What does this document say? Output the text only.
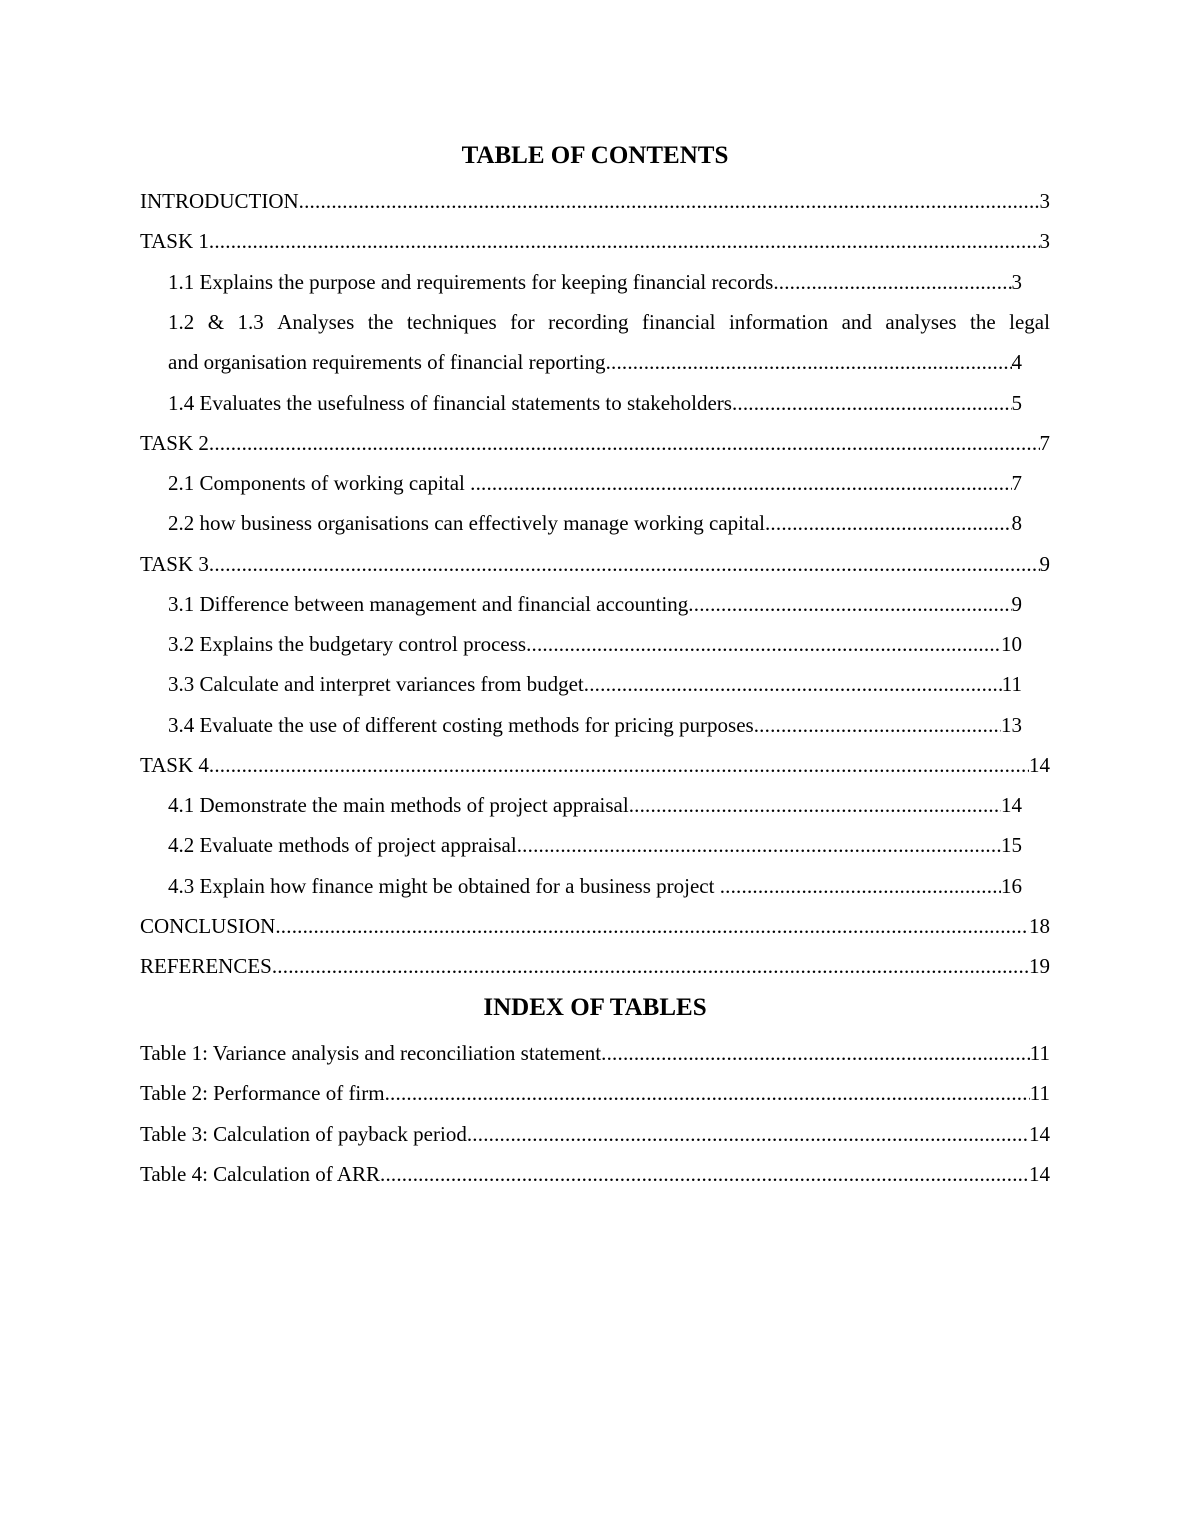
TABLE OF CONTENTS
INTRODUCTION .....	3
TASK 1 .....	3
1.1 Explains the purpose and requirements for keeping financial records .....	3
1.2 & 1.3 Analyses the techniques for recording financial information and analyses the legal
and organisation requirements of financial reporting .....	4
1.4 Evaluates the usefulness of financial statements to stakeholders .....	5
TASK 2 .....	7
2.1 Components of working capital .....	7
2.2 how business organisations can effectively manage working capital .....	8
TASK 3 .....	9
3.1 Difference between management and financial accounting .....	9
3.2 Explains the budgetary control process .....	10
3.3 Calculate and interpret variances from budget .....	11
3.4 Evaluate the use of different costing methods for pricing purposes .....	13
TASK 4 .....	14
4.1 Demonstrate the main methods of project appraisal .....	14
4.2 Evaluate methods of project appraisal .....	15
4.3 Explain how finance might be obtained for a business project .....	16
CONCLUSION .....	18
REFERENCES .....	19
INDEX OF TABLES
Table 1: Variance analysis and reconciliation statement .....	11
Table 2: Performance of firm .....	11
Table 3: Calculation of payback period .....	14
Table 4: Calculation of ARR .....	14
